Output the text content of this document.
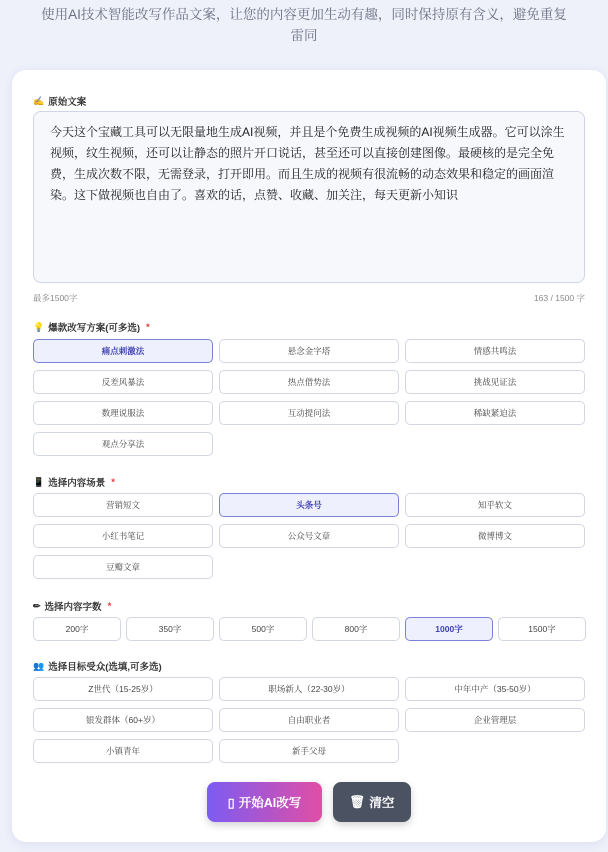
使用AI技术智能改写作品文案，让您的内容更加生动有趣，同时保持原有含义，避免重复雷同
✍ 原始文案
今天这个宝藏工具可以无限量地生成AI视频，并且是个免费生成视频的AI视频生成器。它可以涂生视频，纹生视频，还可以让静态的照片开口说话，甚至还可以直接创建图像。最硬核的是完全免费，生成次数不限，无需登录，打开即用。而且生成的视频有很流畅的动态效果和稳定的画面渲染。这下做视频也自由了。喜欢的话，点赞、收藏、加关注，每天更新小知识
最多1500字	163 / 1500 字
💡 爆款改写方案(可多选) *
痛点刺激法	悬念金字塔	情感共鸣法
反差风暴法	热点借势法	挑战见证法
数理说服法	互动提问法	稀缺紧迫法
观点分享法
📱 选择内容场景 *
营销短文	头条号	知乎软文
小红书笔记	公众号文章	微博博文
豆瓣文章
✏ 选择内容字数 *
200字	350字	500字	800字	1000字	1500字
👥 选择目标受众(选填,可多选)
Z世代（15-25岁）	职场新人（22-30岁）	中年中产（35-50岁）
银发群体（60+岁）	自由职业者	企业管理层
小镇青年	新手父母
▯ 开始AI改写	🗑 清空
